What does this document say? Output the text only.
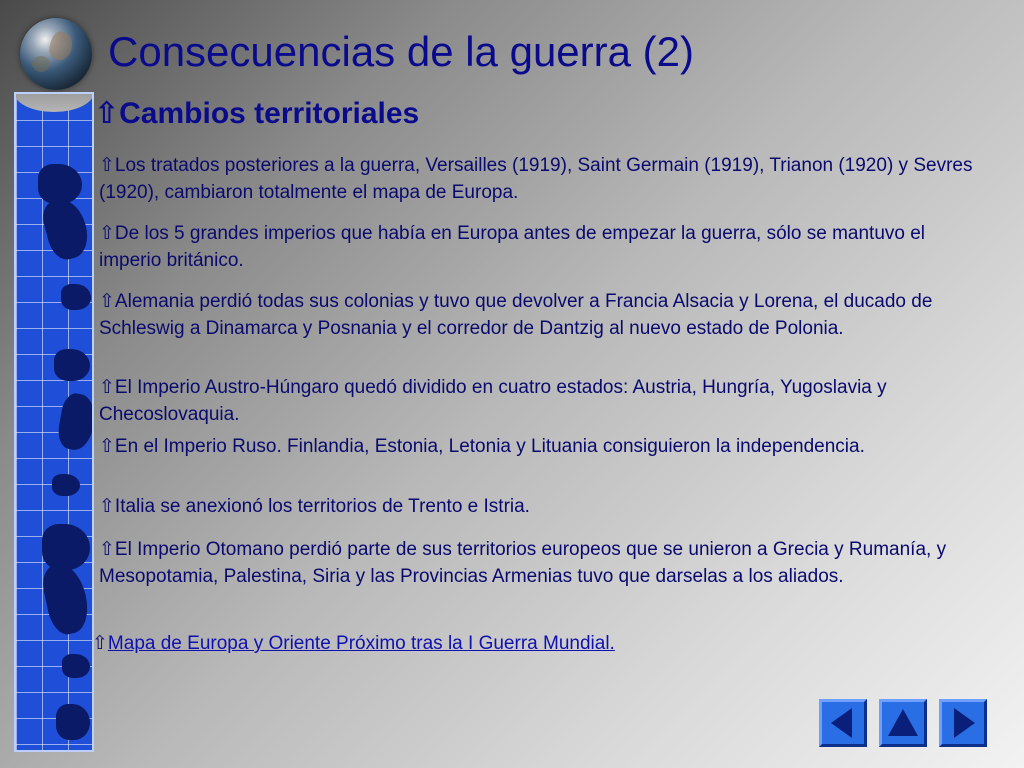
Consecuencias de la guerra (2)
⇧Cambios territoriales

⇧Los tratados posteriores a la guerra, Versailles (1919), Saint Germain (1919), Trianon (1920) y Sevres (1920), cambiaron totalmente el mapa de Europa.

⇧De los 5 grandes imperios que había en Europa antes de empezar la guerra, sólo se mantuvo el imperio británico.

⇧Alemania perdió todas sus colonias y tuvo que devolver a Francia Alsacia y Lorena, el ducado de Schleswig a Dinamarca y Posnania y el corredor de Dantzig al nuevo estado de Polonia.

⇧El Imperio Austro-Húngaro quedó dividido en cuatro estados: Austria, Hungría, Yugoslavia y Checoslovaquia.

⇧En el Imperio Ruso. Finlandia, Estonia, Letonia y Lituania consiguieron la independencia.

⇧Italia se anexionó los territorios de Trento e Istria.

⇧El Imperio Otomano perdió parte de sus territorios europeos que se unieron a Grecia y Rumanía, y Mesopotamia, Palestina, Siria y las Provincias Armenias tuvo que darselas a los aliados.

⇧Mapa de Europa y Oriente Próximo tras la I Guerra Mundial.
